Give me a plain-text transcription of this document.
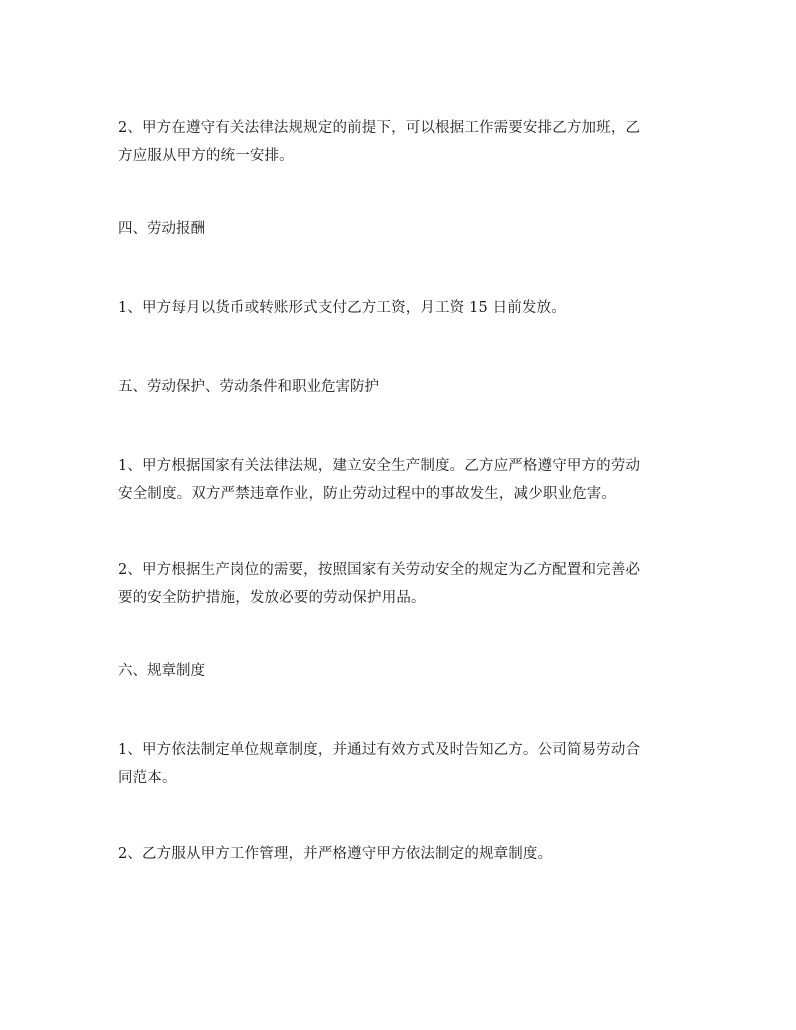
2、甲方在遵守有关法律法规规定的前提下，可以根据工作需要安排乙方加班，乙
方应服从甲方的统一安排。

四、劳动报酬

1、甲方每月以货币或转账形式支付乙方工资，月工资 15 日前发放。

五、劳动保护、劳动条件和职业危害防护

1、甲方根据国家有关法律法规，建立安全生产制度。乙方应严格遵守甲方的劳动
安全制度。双方严禁违章作业，防止劳动过程中的事故发生，减少职业危害。
2、甲方根据生产岗位的需要，按照国家有关劳动安全的规定为乙方配置和完善必
要的安全防护措施，发放必要的劳动保护用品。

六、规章制度

1、甲方依法制定单位规章制度，并通过有效方式及时告知乙方。公司简易劳动合
同范本。
2、乙方服从甲方工作管理，并严格遵守甲方依法制定的规章制度。
